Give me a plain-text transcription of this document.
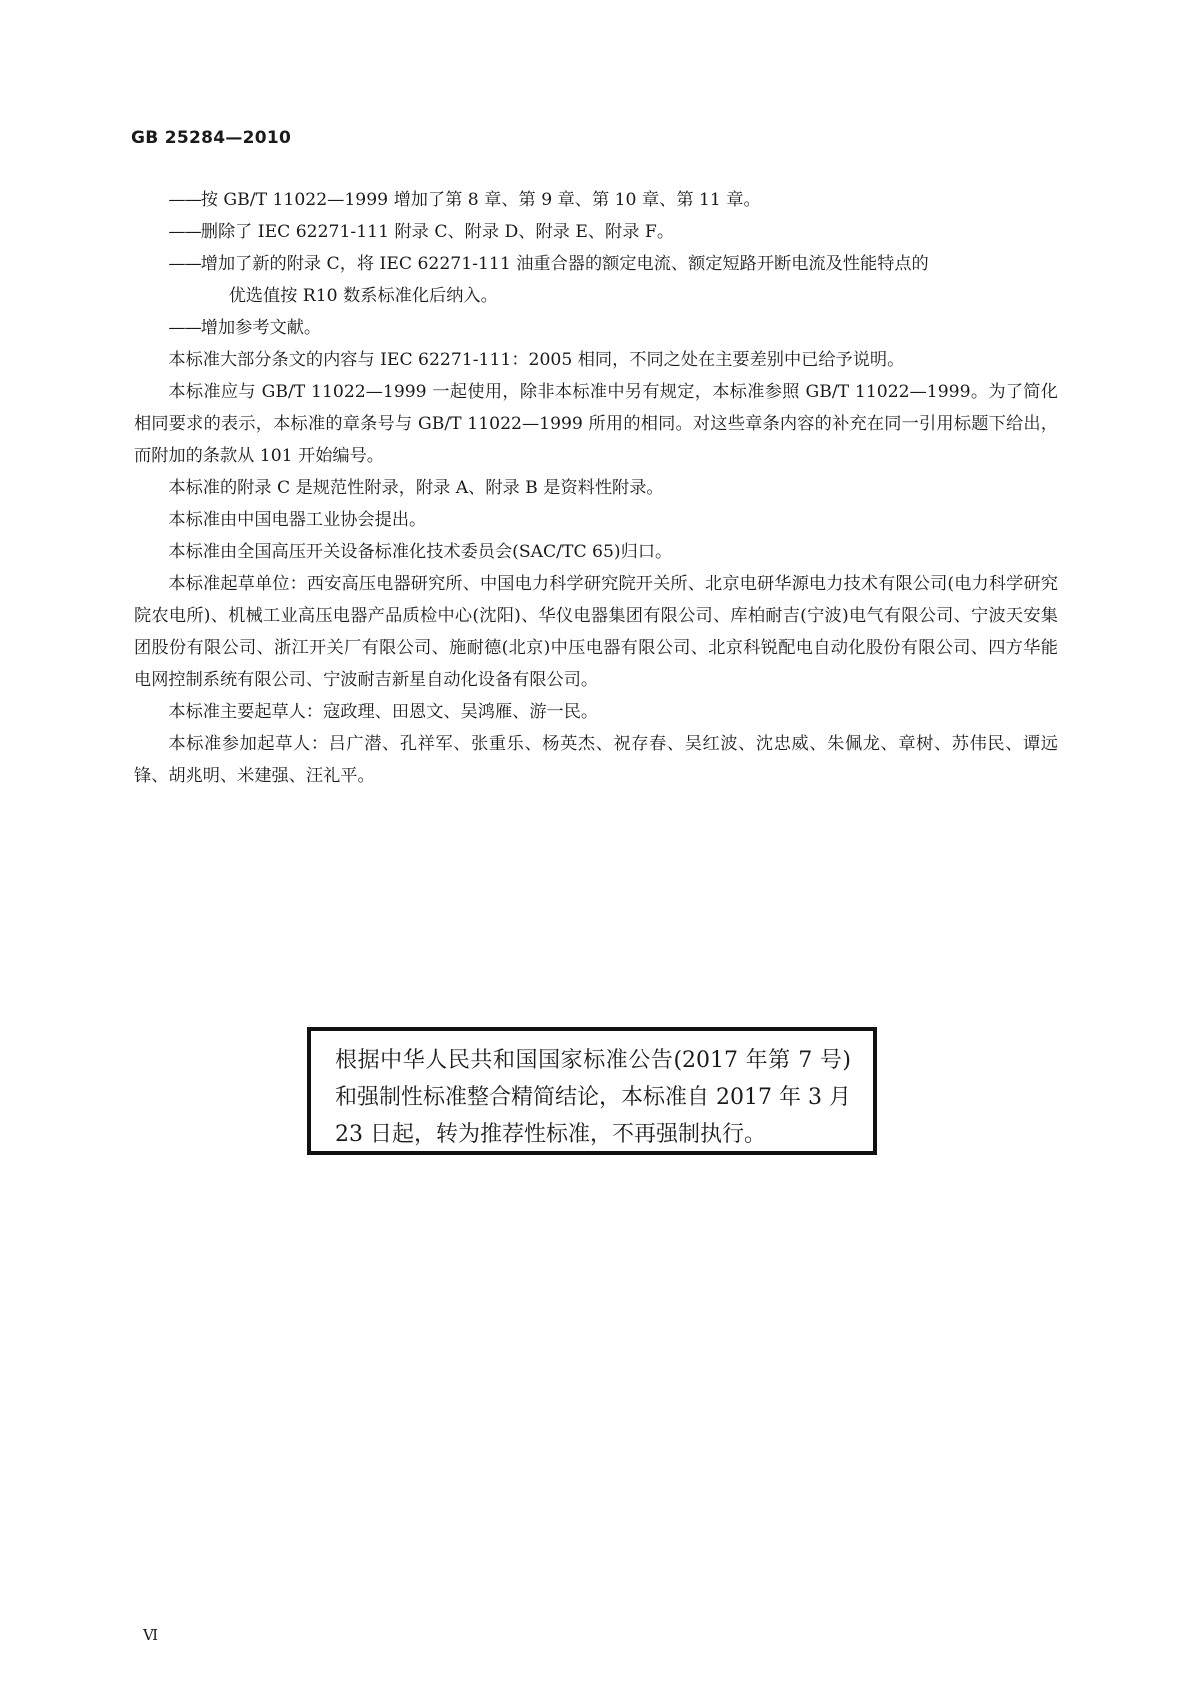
GB 25284—2010

——按 GB/T 11022—1999 增加了第 8 章、第 9 章、第 10 章、第 11 章。

——删除了 IEC 62271-111 附录 C、附录 D、附录 E、附录 F。

——增加了新的附录 C，将 IEC 62271-111 油重合器的额定电流、额定短路开断电流及性能特点的
优选值按 R10 数系标准化后纳入。

——增加参考文献。

本标准大部分条文的内容与 IEC 62271-111：2005 相同，不同之处在主要差别中已给予说明。

本标准应与 GB/T 11022—1999 一起使用，除非本标准中另有规定，本标准参照 GB/T 11022—1999。为了简化相同要求的表示，本标准的章条号与 GB/T 11022—1999 所用的相同。对这些章条内容的补充在同一引用标题下给出，而附加的条款从 101 开始编号。

本标准的附录 C 是规范性附录，附录 A、附录 B 是资料性附录。

本标准由中国电器工业协会提出。

本标准由全国高压开关设备标准化技术委员会(SAC/TC 65)归口。

本标准起草单位：西安高压电器研究所、中国电力科学研究院开关所、北京电研华源电力技术有限公司(电力科学研究院农电所)、机械工业高压电器产品质检中心(沈阳)、华仪电器集团有限公司、库柏耐吉(宁波)电气有限公司、宁波天安集团股份有限公司、浙江开关厂有限公司、施耐德(北京)中压电器有限公司、北京科锐配电自动化股份有限公司、四方华能电网控制系统有限公司、宁波耐吉新星自动化设备有限公司。

本标准主要起草人：寇政理、田恩文、吴鸿雁、游一民。

本标准参加起草人：吕广潜、孔祥军、张重乐、杨英杰、祝存春、吴红波、沈忠威、朱佩龙、章树、苏伟民、谭远锋、胡兆明、米建强、汪礼平。

根据中华人民共和国国家标准公告(2017 年第 7 号)和强制性标准整合精简结论，本标准自 2017 年 3 月 23 日起，转为推荐性标准，不再强制执行。
Ⅵ
